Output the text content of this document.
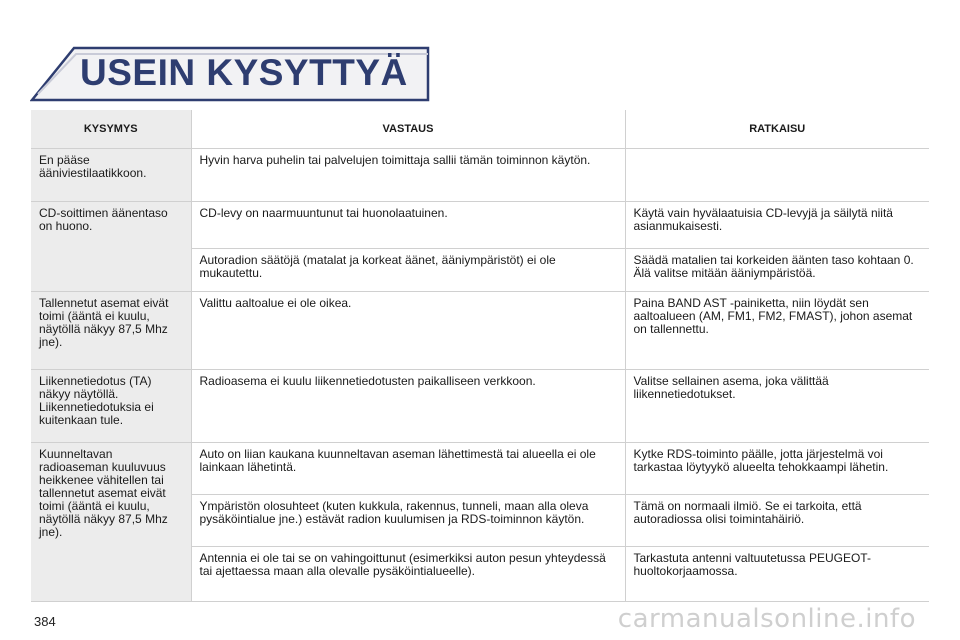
USEIN KYSYTTYÄ
KYSYMYS	VASTAUS	RATKAISU
En pääse ääniviestilaatikkoon.	Hyvin harva puhelin tai palvelujen toimittaja sallii tämän toiminnon käytön.	
CD-soittimen äänentaso on huono.	CD-levy on naarmuuntunut tai huonolaatuinen.	Käytä vain hyvälaatuisia CD-levyjä ja säilytä niitä asianmukaisesti.
	Autoradion säätöjä (matalat ja korkeat äänet, ääniympäristöt) ei ole mukautettu.	Säädä matalien tai korkeiden äänten taso kohtaan 0. Älä valitse mitään ääniympäristöä.
Tallennetut asemat eivät toimi (ääntä ei kuulu, näytöllä näkyy 87,5 Mhz jne).	Valittu aaltoalue ei ole oikea.	Paina BAND AST -painiketta, niin löydät sen aaltoalueen (AM, FM1, FM2, FMAST), johon asemat on tallennettu.
Liikennetiedotus (TA) näkyy näytöllä. Liikennetiedotuksia ei kuitenkaan tule.	Radioasema ei kuulu liikennetiedotusten paikalliseen verkkoon.	Valitse sellainen asema, joka välittää liikennetiedotukset.
Kuunneltavan radioaseman kuuluvuus heikkenee vähitellen tai tallennetut asemat eivät toimi (ääntä ei kuulu, näytöllä näkyy 87,5 Mhz jne).	Auto on liian kaukana kuunneltavan aseman lähettimestä tai alueella ei ole lainkaan lähetintä.	Kytke RDS-toiminto päälle, jotta järjestelmä voi tarkastaa löytyykö alueelta tehokkaampi lähetin.
	Ympäristön olosuhteet (kuten kukkula, rakennus, tunneli, maan alla oleva pysäköintialue jne.) estävät radion kuulumisen ja RDS-toiminnon käytön.	Tämä on normaali ilmiö. Se ei tarkoita, että autoradiossa olisi toimintahäiriö.
	Antennia ei ole tai se on vahingoittunut (esimerkiksi auton pesun yhteydessä tai ajettaessa maan alla olevalle pysäköintialueelle).	Tarkastuta antenni valtuutetussa PEUGEOT-huoltokorjaamossa.
384	carmanualsonline.info
